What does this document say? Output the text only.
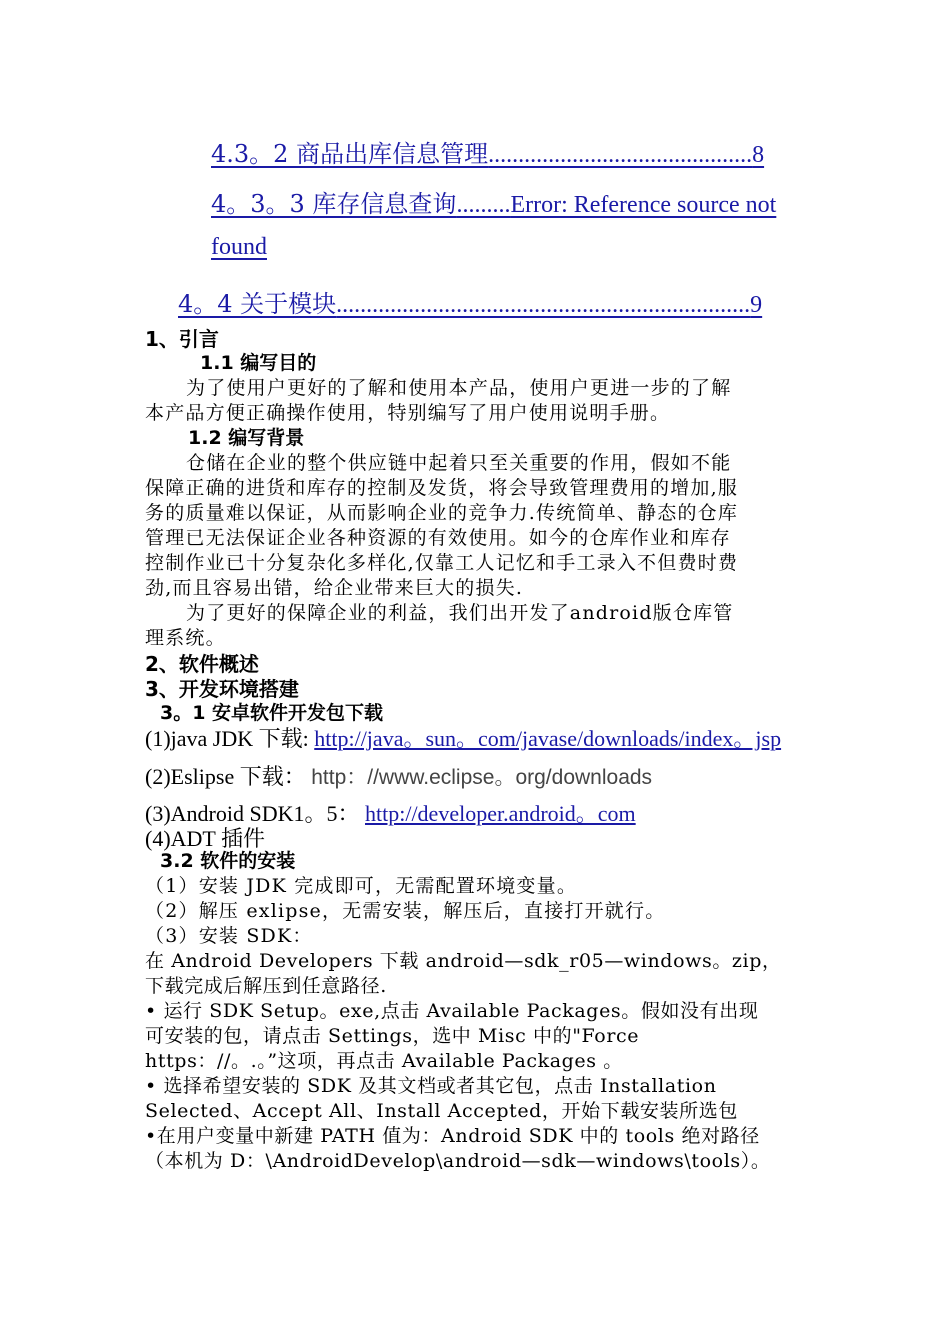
4.3。2 商品出库信息管理............................................8
4。3。3 库存信息查询.........Error: Reference source not
found
4。4 关于模块.....................................................................9
1、引言
1.1 编写目的
为了使用户更好的了解和使用本产品，使用户更进一步的了解
本产品方便正确操作使用，特别编写了用户使用说明手册。
1.2 编写背景
仓储在企业的整个供应链中起着只至关重要的作用，假如不能
保障正确的进货和库存的控制及发货，将会导致管理费用的增加,服
务的质量难以保证，从而影响企业的竞争力.传统简单、静态的仓库
管理已无法保证企业各种资源的有效使用。如今的仓库作业和库存
控制作业已十分复杂化多样化,仅靠工人记忆和手工录入不但费时费
劲,而且容易出错，给企业带来巨大的损失.
为了更好的保障企业的利益，我们出开发了android版仓库管
理系统。
2、软件概述
3、开发环境搭建
3。1 安卓软件开发包下载
(1)java JDK 下载: http://java。sun。com/javase/downloads/index。jsp
(2)Eslipse 下载： http：//www.eclipse。org/downloads
(3)Android SDK1。5： http://developer.android。com
(4)ADT 插件
3.2 软件的安装
（1）安装 JDK 完成即可，无需配置环境变量。
（2）解压 exlipse，无需安装，解压后，直接打开就行。
（3）安装 SDK：
在 Android Developers 下载 android—sdk_r05—windows。zip，
下载完成后解压到任意路径.
• 运行 SDK Setup。exe,点击 Available Packages。假如没有出现
可安装的包，请点击 Settings，选中 Misc 中的"Force
https：//。.。”这项，再点击 Available Packages 。
• 选择希望安装的 SDK 及其文档或者其它包，点击 Installation
Selected、Accept All、Install Accepted，开始下载安装所选包
•在用户变量中新建 PATH 值为：Android SDK 中的 tools 绝对路径
（本机为 D：\AndroidDevelop\android—sdk—windows\tools）。
